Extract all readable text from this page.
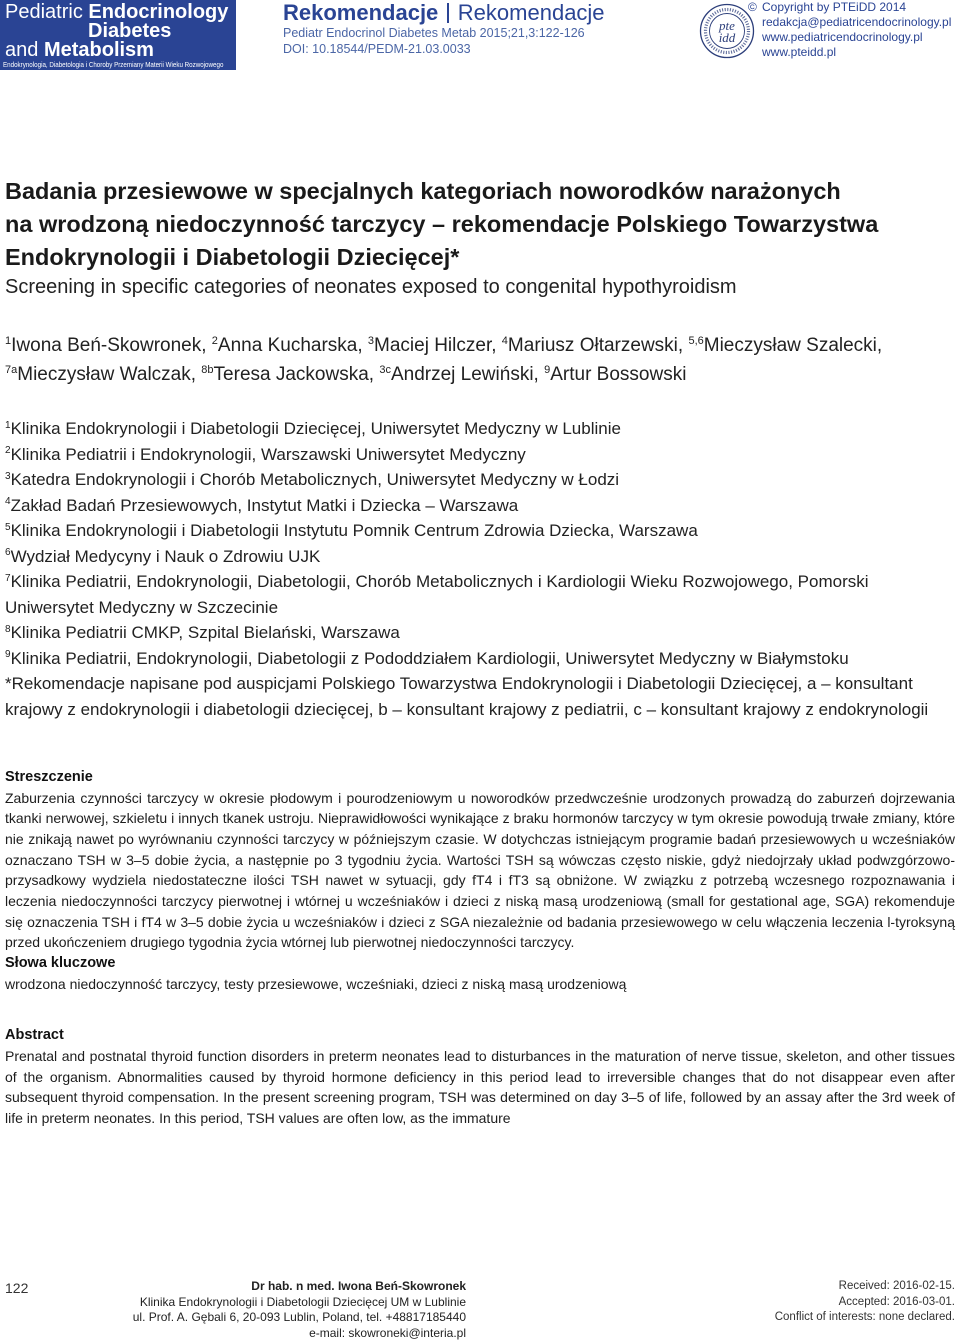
Pediatric Endocrinology
Diabetes
and Metabolism
Endokrynologia, Diabetologia i Choroby Przemiany Materii Wieku Rozwojowego
Rekomendacje Rekomendacje
Pediatr Endocrinol Diabetes Metab 2015;21,3:122-126
DOI: 10.18544/PEDM-21.03.0033
pte
idd
© Copyright by PTEiDD 2014
redakcja@pediatricendocrinology.pl
www.pediatricendocrinology.pl
www.pteidd.pl
Badania przesiewowe w specjalnych kategoriach noworodków narażonych
na wrodzoną niedoczynność tarczycy – rekomendacje Polskiego Towarzystwa
Endokrynologii i Diabetologii Dziecięcej*
Screening in specific categories of neonates exposed to congenital hypothyroidism
$^1$Iwona Beń-Skowronek, $^2$Anna Kucharska, $^3$Maciej Hilczer, $^4$Mariusz Ołtarzewski, $^{5,6}$Mieczysław Szalecki, $^{7a}$Mieczysław Walczak, $^{8b}$Teresa Jackowska, $^{3c}$Andrzej Lewiński, $^9$Artur Bossowski
$^1$Klinika Endokrynologii i Diabetologii Dziecięcej, Uniwersytet Medyczny w Lublinie
$^2$Klinika Pediatrii i Endokrynologii, Warszawski Uniwersytet Medyczny
$^3$Katedra Endokrynologii i Chorób Metabolicznych, Uniwersytet Medyczny w Łodzi
$^4$Zakład Badań Przesiewowych, Instytut Matki i Dziecka – Warszawa
$^5$Klinika Endokrynologii i Diabetologii Instytutu Pomnik Centrum Zdrowia Dziecka, Warszawa
$^6$Wydział Medycyny i Nauk o Zdrowiu UJK
$^7$Klinika Pediatrii, Endokrynologii, Diabetologii, Chorób Metabolicznych i Kardiologii Wieku Rozwojowego, Pomorski Uniwersytet Medyczny w Szczecinie
$^8$Klinika Pediatrii CMKP, Szpital Bielański, Warszawa
$^9$Klinika Pediatrii, Endokrynologii, Diabetologii z Pododdziałem Kardiologii, Uniwersytet Medyczny w Białymstoku
*Rekomendacje napisane pod auspicjami Polskiego Towarzystwa Endokrynologii i Diabetologii Dziecięcej, a – konsultant krajowy z endokrynologii i diabetologii dziecięcej, b – konsultant krajowy z pediatrii, c – konsultant krajowy z endokrynologii
Streszczenie

Zaburzenia czynności tarczycy w okresie płodowym i pourodzeniowym u noworodków przedwcześnie urodzonych prowadzą do zaburzeń dojrzewania tkanki nerwowej, szkieletu i innych tkanek ustroju. Nieprawidłowości wynikające z braku hormonów tarczycy w tym okresie powodują trwałe zmiany, które nie znikają nawet po wyrównaniu czynności tarczycy w późniejszym czasie. W dotychczas istniejącym programie badań przesiewowych u wcześniaków oznaczano TSH w 3–5 dobie życia, a następnie po 3 tygodniu życia. Wartości TSH są wówczas często niskie, gdyż niedojrzały układ podwzgórzowo-przysadkowy wydziela niedostateczne ilości TSH nawet w sytuacji, gdy fT4 i fT3 są obniżone. W związku z potrzebą wczesnego rozpoznawania i leczenia niedoczynności tarczycy pierwotnej i wtórnej u wcześniaków i dzieci z niską masą urodzeniową (small for gestational age, SGA) rekomenduje się oznaczenia TSH i fT4 w 3–5 dobie życia u wcześniaków i dzieci z SGA niezależnie od badania przesiewowego w celu włączenia leczenia l-tyroksyną przed ukończeniem drugiego tygodnia życia wtórnej lub pierwotnej niedoczynności tarczycy.

Słowa kluczowe

wrodzona niedoczynność tarczycy, testy przesiewowe, wcześniaki, dzieci z niską masą urodzeniową

Abstract

Prenatal and postnatal thyroid function disorders in preterm neonates lead to disturbances in the maturation of nerve tissue, skeleton, and other tissues of the organism. Abnormalities caused by thyroid hormone deficiency in this period lead to irreversible changes that do not disappear even after subsequent thyroid compensation. In the present screening program, TSH was determined on day 3–5 of life, followed by an assay after the 3rd week of life in preterm neonates. In this period, TSH values are often low, as the immature

122	Dr hab. n med. Iwona Beń-Skowronek
Klinika Endokrynologii i Diabetologii Dziecięcej UM w Lublinie
ul. Prof. A. Gębali 6, 20-093 Lublin, Poland, tel. +48817185440
e-mail: skowroneki@interia.pl
Received: 2016-02-15.
Accepted: 2016-03-01.
Conflict of interests: none declared.
